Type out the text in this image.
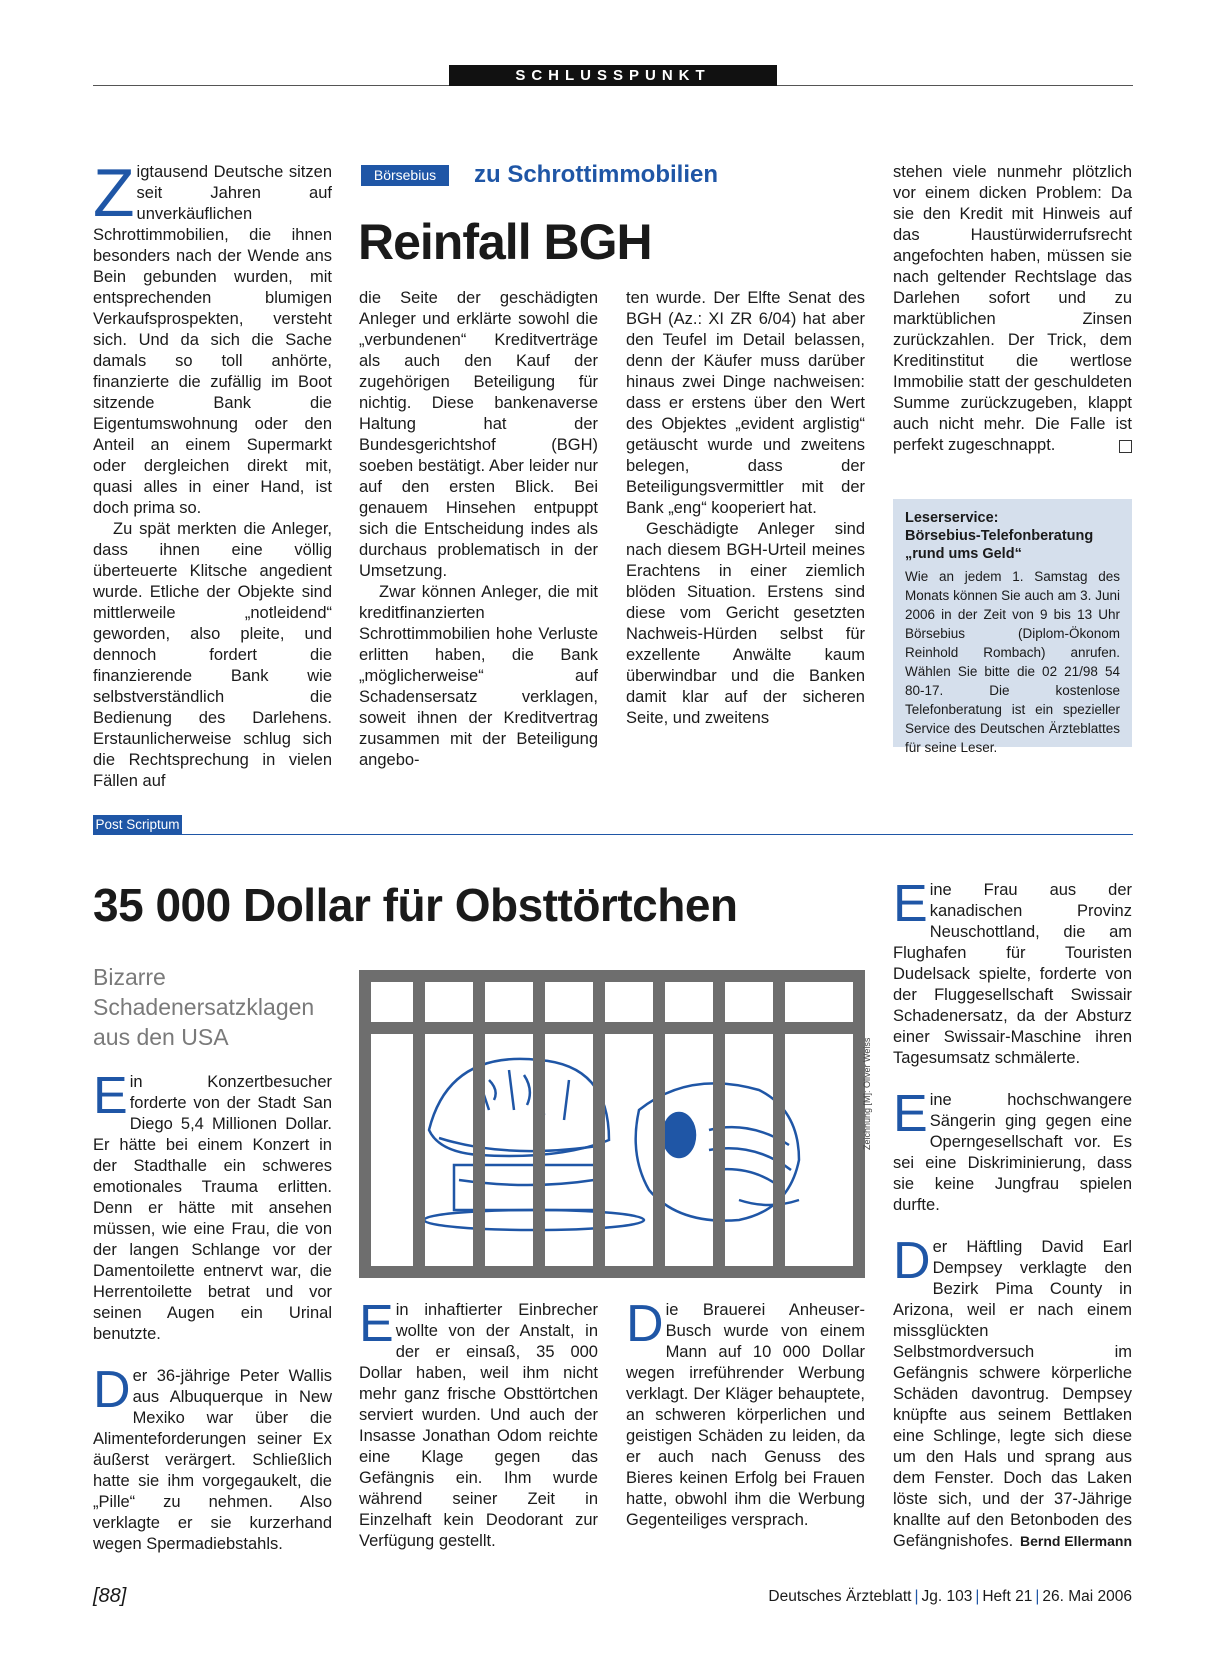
SCHLUSSPUNKT
Z igtausend Deutsche sitzen seit Jahren auf unverkäuflichen Schrottimmobilien, die ihnen besonders nach der Wende ans Bein gebunden wurden, mit entsprechenden blumigen Verkaufsprospekten, versteht sich. Und da sich die Sache damals so toll anhörte, finanzierte die zufällig im Boot sitzende Bank die Eigentumswohnung oder den Anteil an einem Supermarkt oder dergleichen direkt mit, quasi alles in einer Hand, ist doch prima so.

Zu spät merkten die Anleger, dass ihnen eine völlig überteuerte Klitsche angedient wurde. Etliche der Objekte sind mittlerweile „notleidend“ geworden, also pleite, und dennoch fordert die finanzierende Bank wie selbstverständlich die Bedienung des Darlehens. Erstaunlicherweise schlug sich die Rechtsprechung in vielen Fällen auf

Börsebius	zu Schrottimmobilien
Reinfall BGH

die Seite der geschädigten Anleger und erklärte sowohl die „verbundenen“ Kreditverträge als auch den Kauf der zugehörigen Beteiligung für nichtig. Diese bankenaverse Haltung hat der Bundesgerichtshof (BGH) soeben bestätigt. Aber leider nur auf den ersten Blick. Bei genauem Hinsehen entpuppt sich die Entscheidung indes als durchaus problematisch in der Umsetzung.

Zwar können Anleger, die mit kreditfinanzierten Schrottimmobilien hohe Verluste erlitten haben, die Bank „möglicherweise“ auf Schadensersatz verklagen, soweit ihnen der Kreditvertrag zusammen mit der Beteiligung angebo-

ten wurde. Der Elfte Senat des BGH (Az.: XI ZR 6/04) hat aber den Teufel im Detail belassen, denn der Käufer muss darüber hinaus zwei Dinge nachweisen: dass er erstens über den Wert des Objektes „evident arglistig“ getäuscht wurde und zweitens belegen, dass der Beteiligungsvermittler mit der Bank „eng“ kooperiert hat.

Geschädigte Anleger sind nach diesem BGH-Urteil meines Erachtens in einer ziemlich blöden Situation. Erstens sind diese vom Gericht gesetzten Nachweis-Hürden selbst für exzellente Anwälte kaum überwindbar und die Banken damit klar auf der sicheren Seite, und zweitens

stehen viele nunmehr plötzlich vor einem dicken Problem: Da sie den Kredit mit Hinweis auf das Haustürwiderrufsrecht angefochten haben, müssen sie nach geltender Rechtslage das Darlehen sofort und zu marktüblichen Zinsen zurückzahlen. Der Trick, dem Kreditinstitut die wertlose Immobilie statt der geschuldeten Summe zurückzugeben, klappt auch nicht mehr. Die Falle ist perfekt zugeschnappt.

Leserservice:
Börsebius-Telefonberatung
„rund ums Geld“
Wie an jedem 1. Samstag des Monats können Sie auch am 3. Juni 2006 in der Zeit von 9 bis 13 Uhr Börsebius (Diplom-Ökonom Reinhold Rombach) anrufen. Wählen Sie bitte die 02 21/98 54 80-17. Die kostenlose Telefonberatung ist ein spezieller Service des Deutschen Ärzteblattes für seine Leser.
Post Scriptum
35 000 Dollar für Obsttörtchen
Bizarre Schadenersatzklagen aus den USA

Ein Konzertbesucher forderte von der Stadt San Diego 5,4 Millionen Dollar. Er hätte bei einem Konzert in der Stadthalle ein schweres emotionales Trauma erlitten. Denn er hätte mit ansehen müssen, wie eine Frau, die von der langen Schlange vor der Damentoilette entnervt war, die Herrentoilette betrat und vor seinen Augen ein Urinal benutzte.

Der 36-jährige Peter Wallis aus Albuquerque in New Mexiko war über die Alimenteforderungen seiner Ex äußerst verärgert. Schließlich hatte sie ihm vorgegaukelt, die „Pille“ zu nehmen. Also verklagte er sie kurzerhand wegen Spermadiebstahls.

Zeichnung [M]: Oliver Weiss

Ein inhaftierter Einbrecher wollte von der Anstalt, in der er einsaß, 35 000 Dollar haben, weil ihm nicht mehr ganz frische Obsttörtchen serviert wurden. Und auch der Insasse Jonathan Odom reichte eine Klage gegen das Gefängnis ein. Ihm wurde während seiner Zeit in Einzelhaft kein Deodorant zur Verfügung gestellt.

Die Brauerei Anheuser-Busch wurde von einem Mann auf 10 000 Dollar wegen irreführender Werbung verklagt. Der Kläger behauptete, an schweren körperlichen und geistigen Schäden zu leiden, da er auch nach Genuss des Bieres keinen Erfolg bei Frauen hatte, obwohl ihm die Werbung Gegenteiliges versprach.

Eine Frau aus der kanadischen Provinz Neuschottland, die am Flughafen für Touristen Dudelsack spielte, forderte von der Fluggesellschaft Swissair Schadenersatz, da der Absturz einer Swissair-Maschine ihren Tagesumsatz schmälerte.

Eine hochschwangere Sängerin ging gegen eine Operngesellschaft vor. Es sei eine Diskriminierung, dass sie keine Jungfrau spielen durfte.

Der Häftling David Earl Dempsey verklagte den Bezirk Pima County in Arizona, weil er nach einem missglückten Selbstmordversuch im Gefängnis schwere körperliche Schäden davontrug. Dempsey knüpfte aus seinem Bettlaken eine Schlinge, legte sich diese um den Hals und sprang aus dem Fenster. Doch das Laken löste sich, und der 37-Jährige knallte auf den Betonboden des Gefängnishofes. Bernd Ellermann

[88]	Deutsches Ärzteblatt | Jg. 103 | Heft 21 | 26. Mai 2006
